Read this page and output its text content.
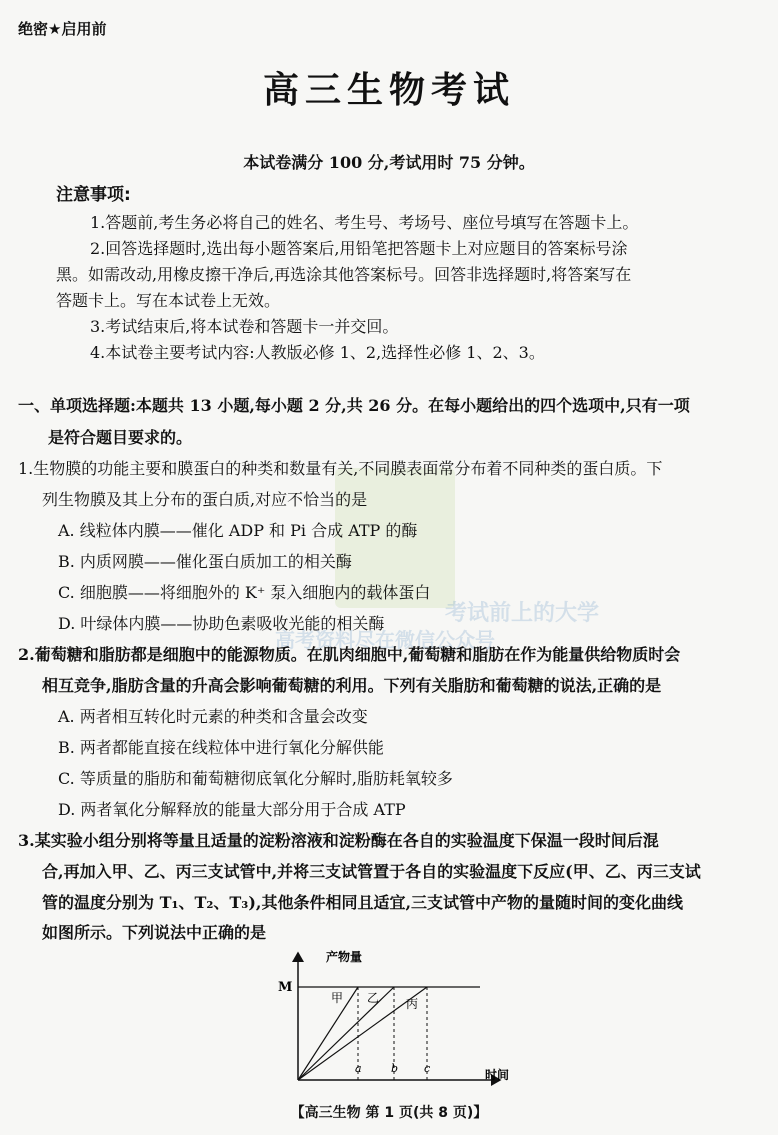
绝密★启用前
高三生物考试
本试卷满分 100 分,考试用时 75 分钟。
注意事项:
1.答题前,考生务必将自己的姓名、考生号、考场号、座位号填写在答题卡上。
2.回答选择题时,选出每小题答案后,用铅笔把答题卡上对应题目的答案标号涂
黑。如需改动,用橡皮擦干净后,再选涂其他答案标号。回答非选择题时,将答案写在
答题卡上。写在本试卷上无效。
3.考试结束后,将本试卷和答题卡一并交回。
4.本试卷主要考试内容:人教版必修 1、2,选择性必修 1、2、3。
考试前上的大学
高考资料尽在微信公众号
一、单项选择题:本题共 13 小题,每小题 2 分,共 26 分。在每小题给出的四个选项中,只有一项
是符合题目要求的。
1.生物膜的功能主要和膜蛋白的种类和数量有关,不同膜表面常分布着不同种类的蛋白质。下
列生物膜及其上分布的蛋白质,对应不恰当的是
A. 线粒体内膜——催化 ADP 和 Pi 合成 ATP 的酶
B. 内质网膜——催化蛋白质加工的相关酶
C. 细胞膜——将细胞外的 K⁺ 泵入细胞内的载体蛋白
D. 叶绿体内膜——协助色素吸收光能的相关酶
2.葡萄糖和脂肪都是细胞中的能源物质。在肌肉细胞中,葡萄糖和脂肪在作为能量供给物质时会
相互竞争,脂肪含量的升高会影响葡萄糖的利用。下列有关脂肪和葡萄糖的说法,正确的是
A. 两者相互转化时元素的种类和含量会改变
B. 两者都能直接在线粒体中进行氧化分解供能
C. 等质量的脂肪和葡萄糖彻底氧化分解时,脂肪耗氧较多
D. 两者氧化分解释放的能量大部分用于合成 ATP
3.某实验小组分别将等量且适量的淀粉溶液和淀粉酶在各自的实验温度下保温一段时间后混
合,再加入甲、乙、丙三支试管中,并将三支试管置于各自的实验温度下反应(甲、乙、丙三支试
管的温度分别为 T₁、T₂、T₃),其他条件相同且适宜,三支试管中产物的量随时间的变化曲线
如图所示。下列说法中正确的是
产物量
时间
M
甲 乙 丙
a	b c
【高三生物 第 1 页(共 8 页)】
